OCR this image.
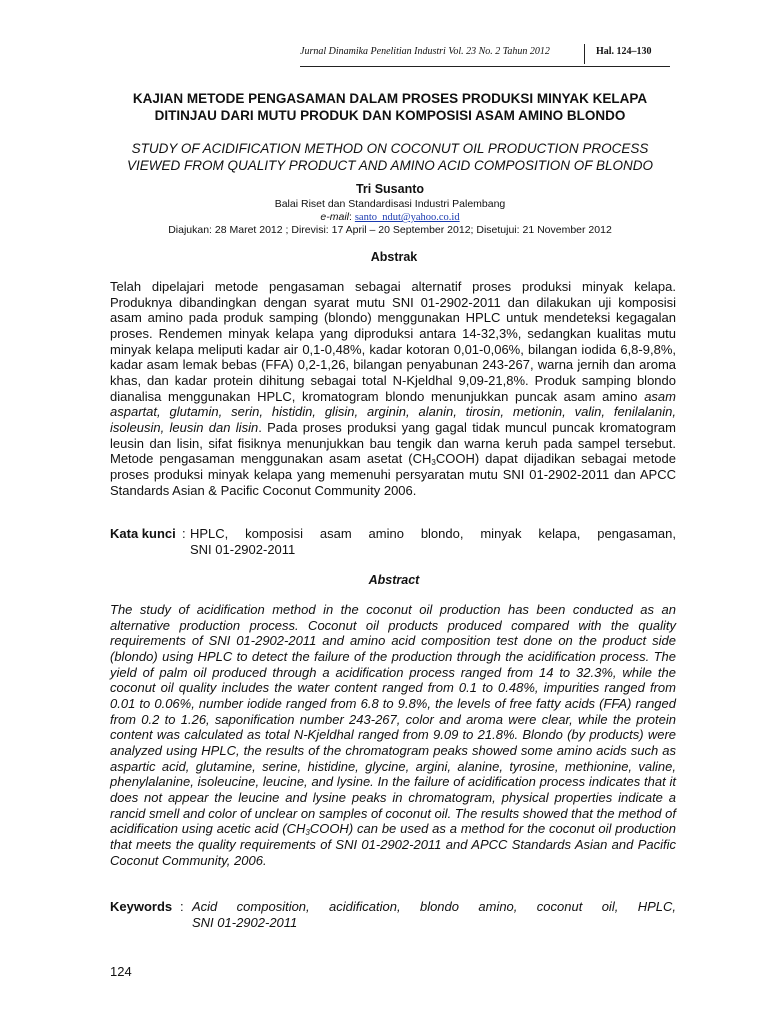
Jurnal Dinamika Penelitian Industri Vol. 23 No. 2 Tahun 2012	Hal. 124–130

KAJIAN METODE PENGASAMAN DALAM PROSES PRODUKSI MINYAK KELAPA
DITINJAU DARI MUTU PRODUK DAN KOMPOSISI ASAM AMINO BLONDO

STUDY OF ACIDIFICATION METHOD ON COCONUT OIL PRODUCTION PROCESS
VIEWED FROM QUALITY PRODUCT AND AMINO ACID COMPOSITION OF BLONDO

Tri Susanto
Balai Riset dan Standardisasi Industri Palembang
e-mail: santo_ndut@yahoo.co.id
Diajukan: 28 Maret 2012 ; Direvisi: 17 April – 20 September 2012; Disetujui: 21 November 2012
Abstrak

Telah dipelajari metode pengasaman sebagai alternatif proses produksi minyak kelapa. Produknya dibandingkan dengan syarat mutu SNI 01-2902-2011 dan dilakukan uji komposisi asam amino pada produk samping (blondo) menggunakan HPLC untuk mendeteksi kegagalan proses. Rendemen minyak kelapa yang diproduksi antara 14-32,3%, sedangkan kualitas mutu minyak kelapa meliputi kadar air 0,1-0,48%, kadar kotoran 0,01-0,06%, bilangan iodida 6,8-9,8%, kadar asam lemak bebas (FFA) 0,2-1,26, bilangan penyabunan 243-267, warna jernih dan aroma khas, dan kadar protein dihitung sebagai total N-Kjeldhal 9,09-21,8%. Produk samping blondo dianalisa menggunakan HPLC, kromatogram blondo menunjukkan puncak asam amino asam aspartat, glutamin, serin, histidin, glisin, arginin, alanin, tirosin, metionin, valin, fenilalanin, isoleusin, leusin dan lisin. Pada proses produksi yang gagal tidak muncul puncak kromatogram leusin dan lisin, sifat fisiknya menunjukkan bau tengik dan warna keruh pada sampel tersebut. Metode pengasaman menggunakan asam asetat $(CH_3COOH)$ dapat dijadikan sebagai metode proses produksi minyak kelapa yang memenuhi persyaratan mutu SNI 01-2902-2011 dan APCC Standards Asian & Pacific Coconut Community 2006.

Kata kunci : HPLC, komposisi asam amino blondo, minyak kelapa, pengasaman,
SNI 01-2902-2011
Abstract

The study of acidification method in the coconut oil production has been conducted as an alternative production process. Coconut oil products produced compared with the quality requirements of SNI 01-2902-2011 and amino acid composition test done on the product side (blondo) using HPLC to detect the failure of the production through the acidification process. The yield of palm oil produced through a acidification process ranged from 14 to 32.3%, while the coconut oil quality includes the water content ranged from 0.1 to 0.48%, impurities ranged from 0.01 to 0.06%, number iodide ranged from 6.8 to 9.8%, the levels of free fatty acids (FFA) ranged from 0.2 to 1.26, saponification number 243-267, color and aroma were clear, while the protein content was calculated as total N-Kjeldhal ranged from 9.09 to 21.8%. Blondo (by products) were analyzed using HPLC, the results of the chromatogram peaks showed some amino acids such as aspartic acid, glutamine, serine, histidine, glycine, argini, alanine, tyrosine, methionine, valine, phenylalanine, isoleucine, leucine, and lysine. In the failure of acidification process indicates that it does not appear the leucine and lysine peaks in chromatogram, physical properties indicate a rancid smell and color of unclear on samples of coconut oil. The results showed that the method of acidification using acetic acid $(CH_3COOH)$ can be used as a method for the coconut oil production that meets the quality requirements of SNI 01-2902-2011 and APCC Standards Asian and Pacific Coconut Community, 2006.

Keywords : Acid composition, acidification, blondo amino, coconut oil, HPLC,
SNI 01-2902-2011
124
